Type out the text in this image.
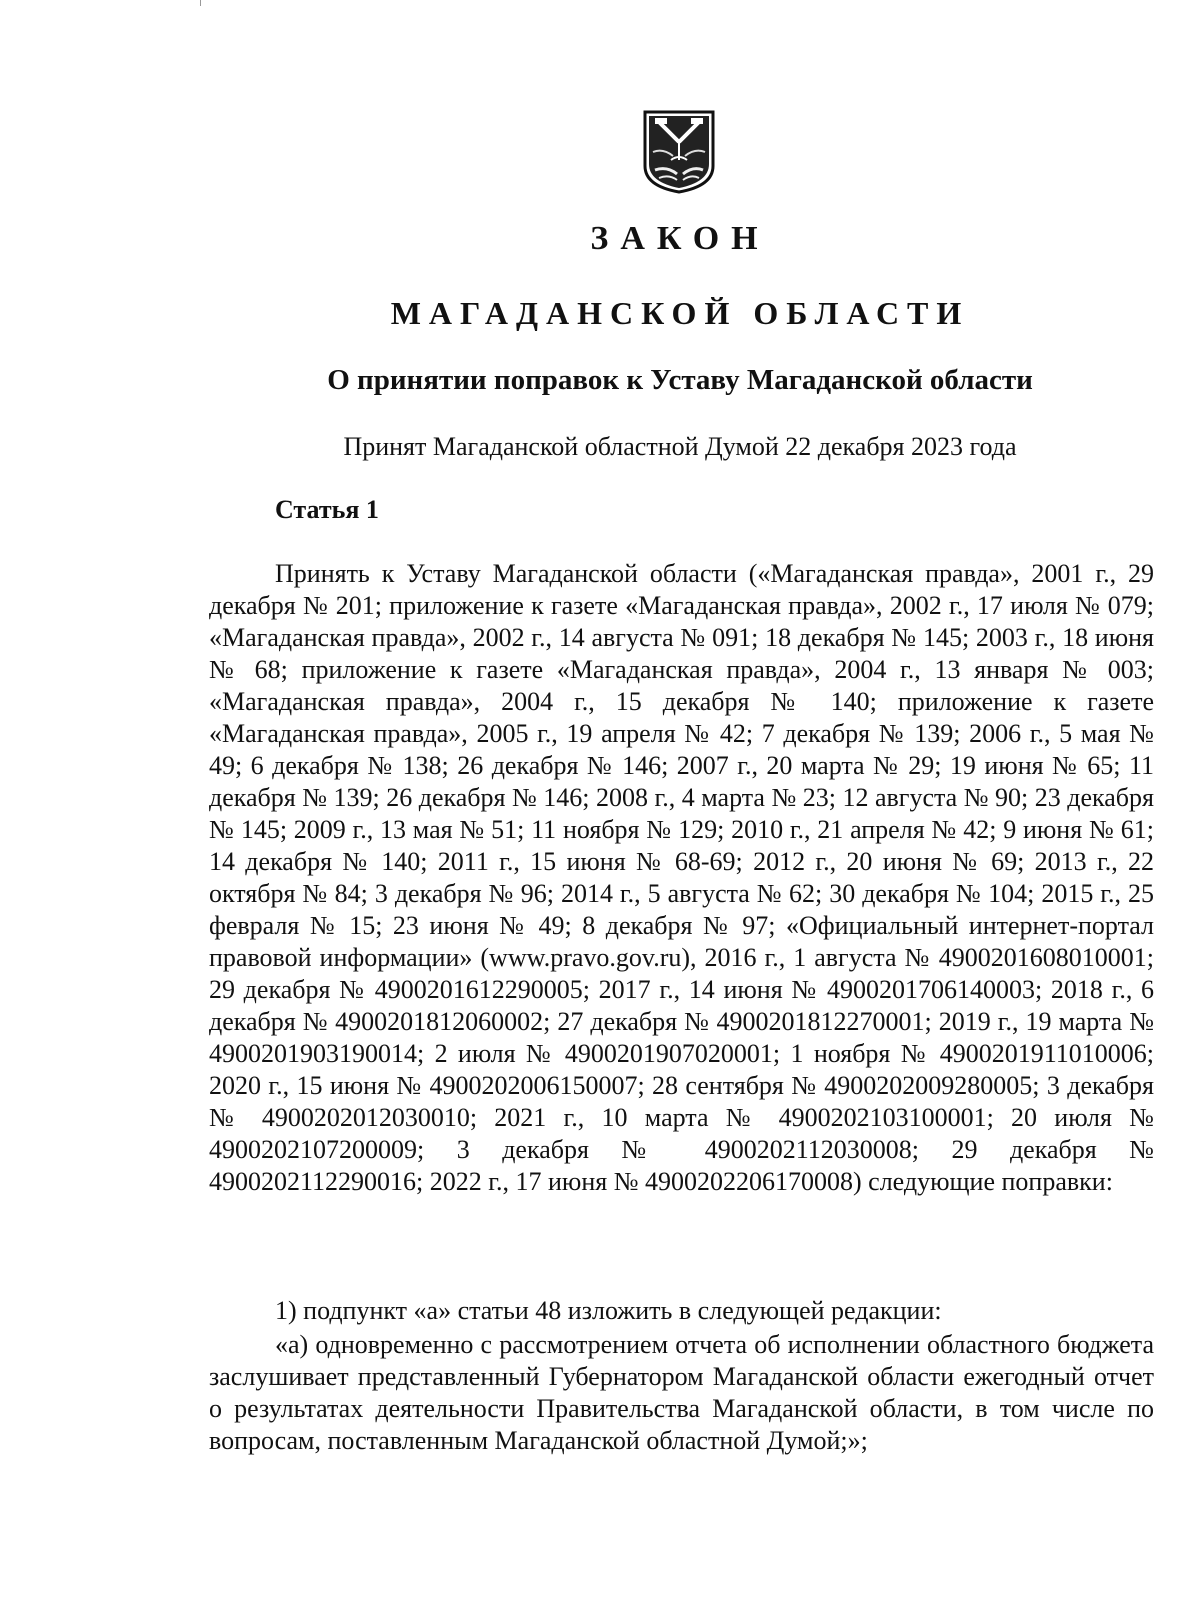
ЗАКОН
МАГАДАНСКОЙ ОБЛАСТИ
О принятии поправок к Уставу Магаданской области
Принят Магаданской областной Думой 22 декабря 2023 года
Статья 1
Принять к Уставу Магаданской области («Магаданская правда», 2001 г., 29 декабря № 201; приложение к газете «Магаданская правда», 2002 г., 17 июля № 079; «Магаданская правда», 2002 г., 14 августа № 091; 18 декабря № 145; 2003 г., 18 июня № 68; приложение к газете «Магаданская правда», 2004 г., 13 января № 003; «Магаданская правда», 2004 г., 15 декабря № 140; приложение к газете «Магаданская правда», 2005 г., 19 апреля № 42; 7 декабря № 139; 2006 г., 5 мая № 49; 6 декабря № 138; 26 декабря № 146; 2007 г., 20 марта № 29; 19 июня № 65; 11 декабря № 139; 26 декабря № 146; 2008 г., 4 марта № 23; 12 августа № 90; 23 декабря № 145; 2009 г., 13 мая № 51; 11 ноября № 129; 2010 г., 21 апреля № 42; 9 июня № 61; 14 декабря № 140; 2011 г., 15 июня № 68-69; 2012 г., 20 июня № 69; 2013 г., 22 октября № 84; 3 декабря № 96; 2014 г., 5 августа № 62; 30 декабря № 104; 2015 г., 25 февраля № 15; 23 июня № 49; 8 декабря № 97; «Официальный интернет-портал правовой информации» (www.pravo.gov.ru), 2016 г., 1 августа № 4900201608010001; 29 декабря № 4900201612290005; 2017 г., 14 июня № 4900201706140003; 2018 г., 6 декабря № 4900201812060002; 27 декабря № 4900201812270001; 2019 г., 19 марта № 4900201903190014; 2 июля № 4900201907020001; 1 ноября № 4900201911010006; 2020 г., 15 июня № 4900202006150007; 28 сентября № 4900202009280005; 3 декабря № 4900202012030010; 2021 г., 10 марта № 4900202103100001; 20 июля № 4900202107200009; 3 декабря № 4900202112030008; 29 декабря № 4900202112290016; 2022 г., 17 июня № 4900202206170008) следующие поправки:
1) подпункт «а» статьи 48 изложить в следующей редакции:
«а) одновременно с рассмотрением отчета об исполнении областного бюджета заслушивает представленный Губернатором Магаданской области ежегодный отчет о результатах деятельности Правительства Магаданской области, в том числе по вопросам, поставленным Магаданской областной Думой;»;
